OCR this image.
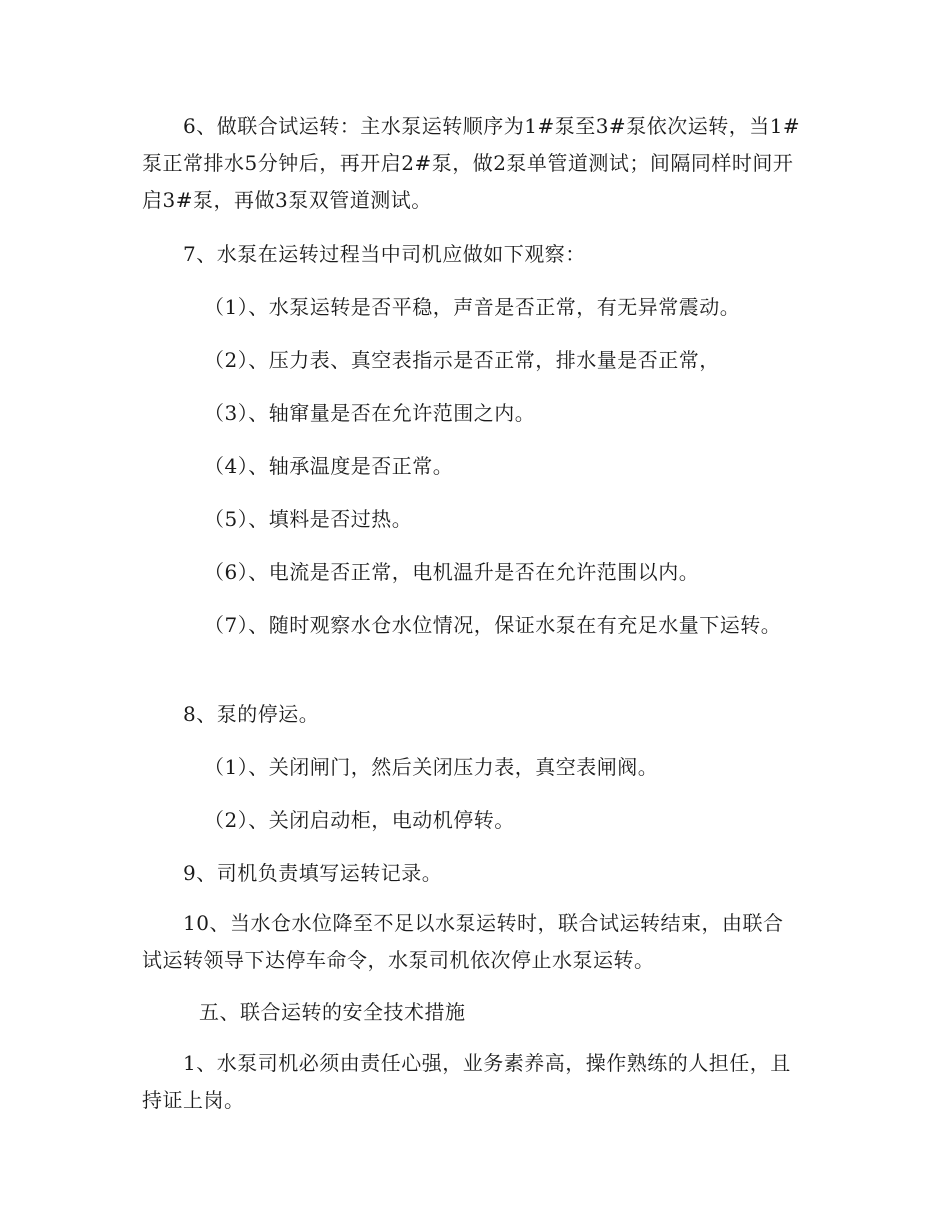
6、做联合试运转：主水泵运转顺序为1#泵至3#泵依次运转，当1#泵正常排水5分钟后，再开启2#泵，做2泵单管道测试；间隔同样时间开启3#泵，再做3泵双管道测试。

7、水泵在运转过程当中司机应做如下观察：

（1）、水泵运转是否平稳，声音是否正常，有无异常震动。

（2）、压力表、真空表指示是否正常，排水量是否正常，

（3）、轴窜量是否在允许范围之内。

（4）、轴承温度是否正常。

（5）、填料是否过热。

（6）、电流是否正常，电机温升是否在允许范围以内。

（7）、随时观察水仓水位情况，保证水泵在有充足水量下运转。

8、泵的停运。

（1）、关闭闸门，然后关闭压力表，真空表闸阀。

（2）、关闭启动柜，电动机停转。

9、司机负责填写运转记录。

10、当水仓水位降至不足以水泵运转时，联合试运转结束，由联合试运转领导下达停车命令，水泵司机依次停止水泵运转。

五、联合运转的安全技术措施

1、水泵司机必须由责任心强，业务素养高，操作熟练的人担任，且持证上岗。
